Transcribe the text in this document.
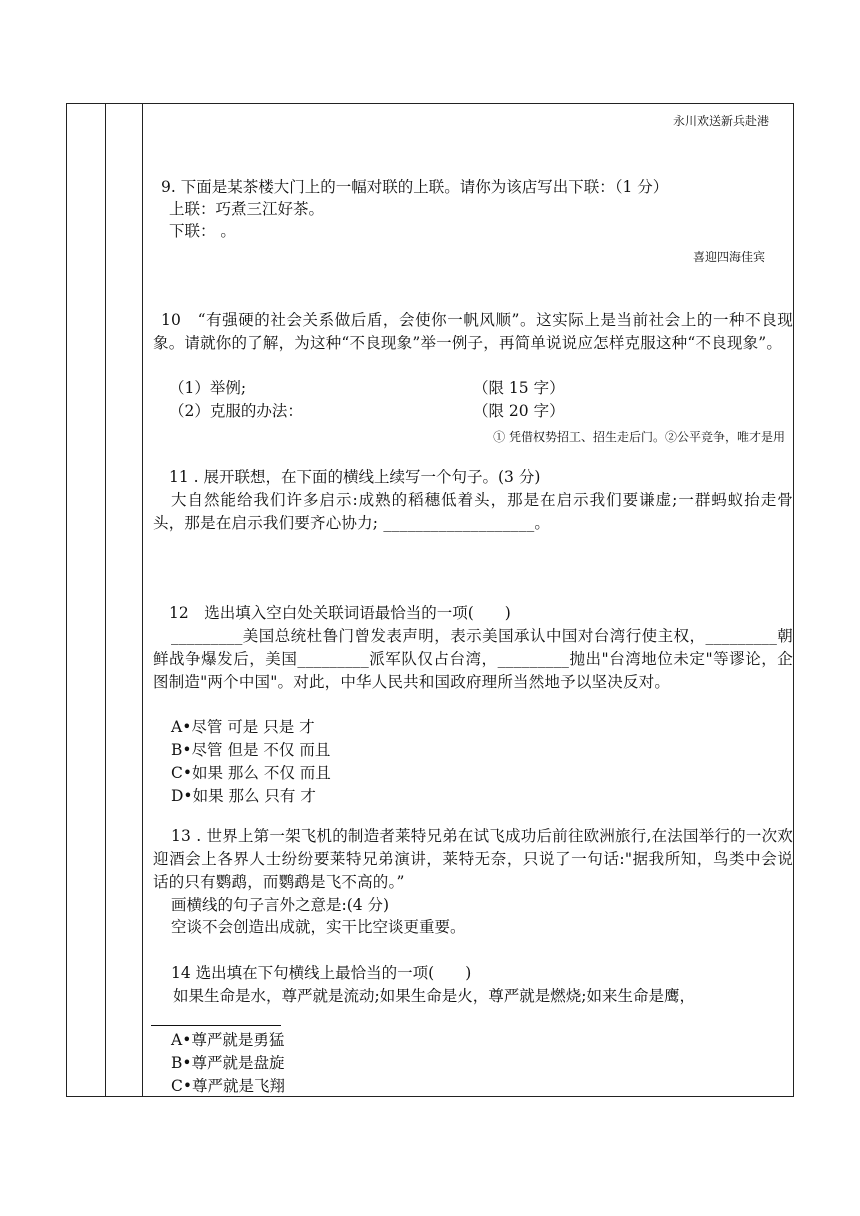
永川欢送新兵赴港
9. 下面是某茶楼大门上的一幅对联的上联。请你为该店写出下联：（1 分）
上联：巧煮三江好茶。
下联： 。
喜迎四海佳宾
10　“有强硬的社会关系做后盾，会使你一帆风顺”。这实际上是当前社会上的一种不良现象。请就你的了解，为这种“不良现象”举一例子，再简单说说应怎样克服这种“不良现象”。
（1）举例;	（限 15 字）
（2）克服的办法：	（限 20 字）
① 凭借权势招工、招生走后门。②公平竞争，唯才是用
11 . 展开联想，在下面的横线上续写一个句子。(3 分)
大自然能给我们许多启示:成熟的稻穗低着头，那是在启示我们要谦虚;一群蚂蚁抬走骨头，那是在启示我们要齐心协力; ___________________。
12　选出填入空白处关联词语最恰当的一项(　　)
_________美国总统杜鲁门曾发表声明，表示美国承认中国对台湾行使主权，_________朝鲜战争爆发后，美国_________派军队仅占台湾，_________抛出"台湾地位未定"等谬论，企图制造"两个中国"。对此，中华人民共和国政府理所当然地予以坚决反对。
A•尽管 可是 只是 才
B•尽管 但是 不仅 而且
C•如果 那么 不仅 而且
D•如果 那么 只有 才
13 . 世界上第一架飞机的制造者莱特兄弟在试飞成功后前往欧洲旅行,在法国举行的一次欢迎酒会上各界人士纷纷要莱特兄弟演讲，莱特无奈，只说了一句话:"据我所知，鸟类中会说话的只有鹦鹉，而鹦鹉是飞不高的。”
画横线的句子言外之意是:(4 分)
空谈不会创造出成就，实干比空谈更重要。
14 选出填在下句横线上最恰当的一项(　　)
如果生命是水，尊严就是流动;如果生命是火，尊严就是燃烧;如来生命是鹰，
A•尊严就是勇猛
B•尊严就是盘旋
C•尊严就是飞翔
